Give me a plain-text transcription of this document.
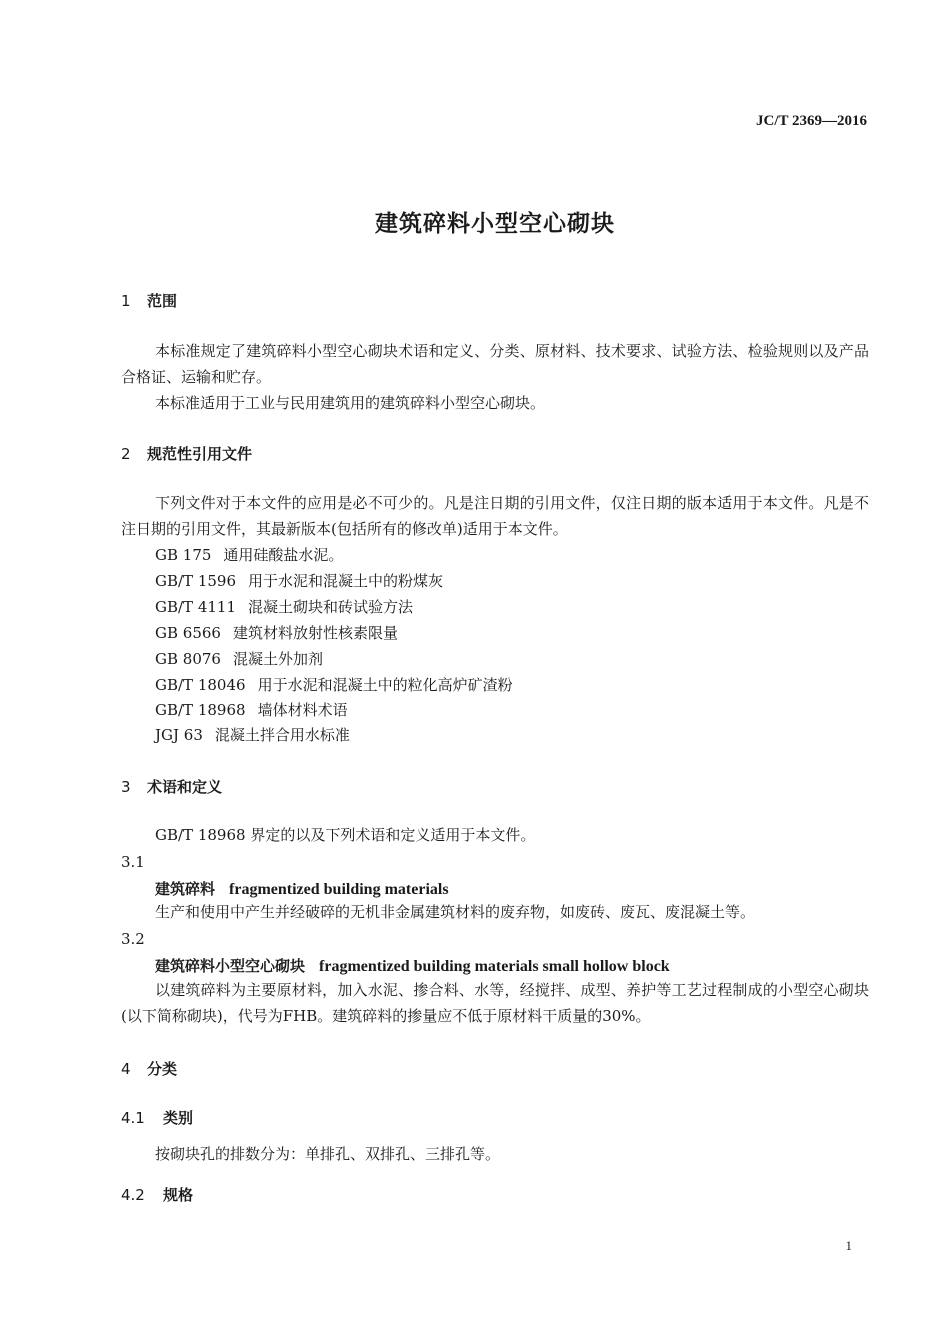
JC/T 2369—2016
建筑碎料小型空心砌块
1 范围
本标准规定了建筑碎料小型空心砌块术语和定义、分类、原材料、技术要求、试验方法、检验规则以及产品合格证、运输和贮存。
本标准适用于工业与民用建筑用的建筑碎料小型空心砌块。
2 规范性引用文件
下列文件对于本文件的应用是必不可少的。凡是注日期的引用文件，仅注日期的版本适用于本文件。凡是不注日期的引用文件，其最新版本(包括所有的修改单)适用于本文件。
GB 175 通用硅酸盐水泥。
GB/T 1596 用于水泥和混凝土中的粉煤灰
GB/T 4111 混凝土砌块和砖试验方法
GB 6566 建筑材料放射性核素限量
GB 8076 混凝土外加剂
GB/T 18046 用于水泥和混凝土中的粒化高炉矿渣粉
GB/T 18968 墙体材料术语
JGJ 63 混凝土拌合用水标准
3 术语和定义
GB/T 18968 界定的以及下列术语和定义适用于本文件。
3.1
建筑碎料 fragmentized building materials
生产和使用中产生并经破碎的无机非金属建筑材料的废弃物，如废砖、废瓦、废混凝土等。
3.2
建筑碎料小型空心砌块 fragmentized building materials small hollow block
以建筑碎料为主要原材料，加入水泥、掺合料、水等，经搅拌、成型、养护等工艺过程制成的小型空心砌块(以下简称砌块)，代号为FHB。建筑碎料的掺量应不低于原材料干质量的30%。
4 分类
4.1 类别
按砌块孔的排数分为：单排孔、双排孔、三排孔等。
4.2 规格
1
